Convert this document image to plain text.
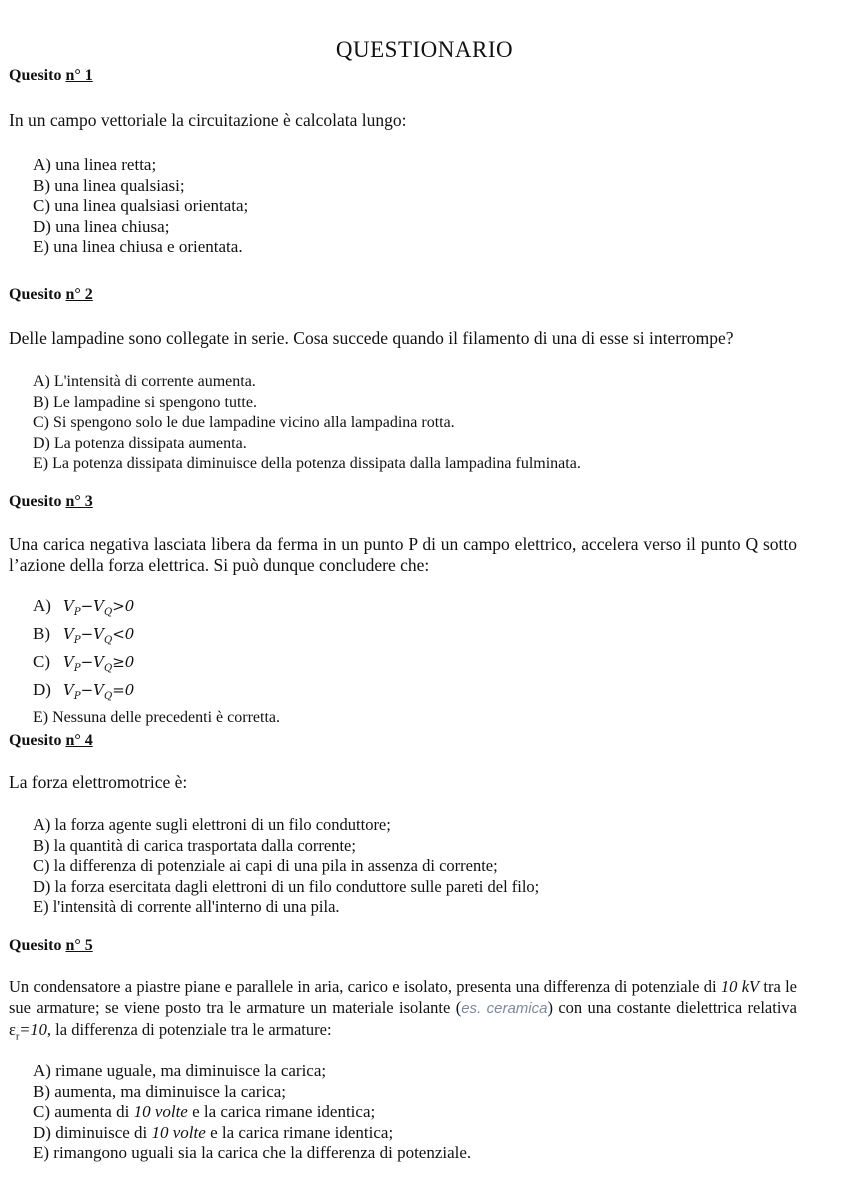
QUESTIONARIO
Quesito n° 1
In un campo vettoriale la circuitazione è calcolata lungo:
A) una linea retta;
B) una linea qualsiasi;
C) una linea qualsiasi orientata;
D) una linea chiusa;
E) una linea chiusa e orientata.
Quesito n° 2
Delle lampadine sono collegate in serie. Cosa succede quando il filamento di una di esse si interrompe?
A) L'intensità di corrente aumenta.
B) Le lampadine si spengono tutte.
C) Si spengono solo le due lampadine vicino alla lampadina rotta.
D) La potenza dissipata aumenta.
E) La potenza dissipata diminuisce della potenza dissipata dalla lampadina fulminata.
Quesito n° 3
Una carica negativa lasciata libera da ferma in un punto P di un campo elettrico, accelera verso il punto Q sotto l’azione della forza elettrica. Si può dunque concludere che:
A) $V_P-V_Q>0$
B) $V_P-V_Q<0$
C) $V_P-V_Q\ge 0$
D) $V_P-V_Q=0$
E) Nessuna delle precedenti è corretta.
Quesito n° 4
La forza elettromotrice è:
A) la forza agente sugli elettroni di un filo conduttore;
B) la quantità di carica trasportata dalla corrente;
C) la differenza di potenziale ai capi di una pila in assenza di corrente;
D) la forza esercitata dagli elettroni di un filo conduttore sulle pareti del filo;
E) l'intensità di corrente all'interno di una pila.
Quesito n° 5
Un condensatore a piastre piane e parallele in aria, carico e isolato, presenta una differenza di potenziale di 10 kV tra le sue armature; se viene posto tra le armature un materiale isolante (es. ceramica) con una costante dielettrica relativa $\varepsilon_r=10$, la differenza di potenziale tra le armature:
A) rimane uguale, ma diminuisce la carica;
B) aumenta, ma diminuisce la carica;
C) aumenta di 10 volte e la carica rimane identica;
D) diminuisce di 10 volte e la carica rimane identica;
E) rimangono uguali sia la carica che la differenza di potenziale.
